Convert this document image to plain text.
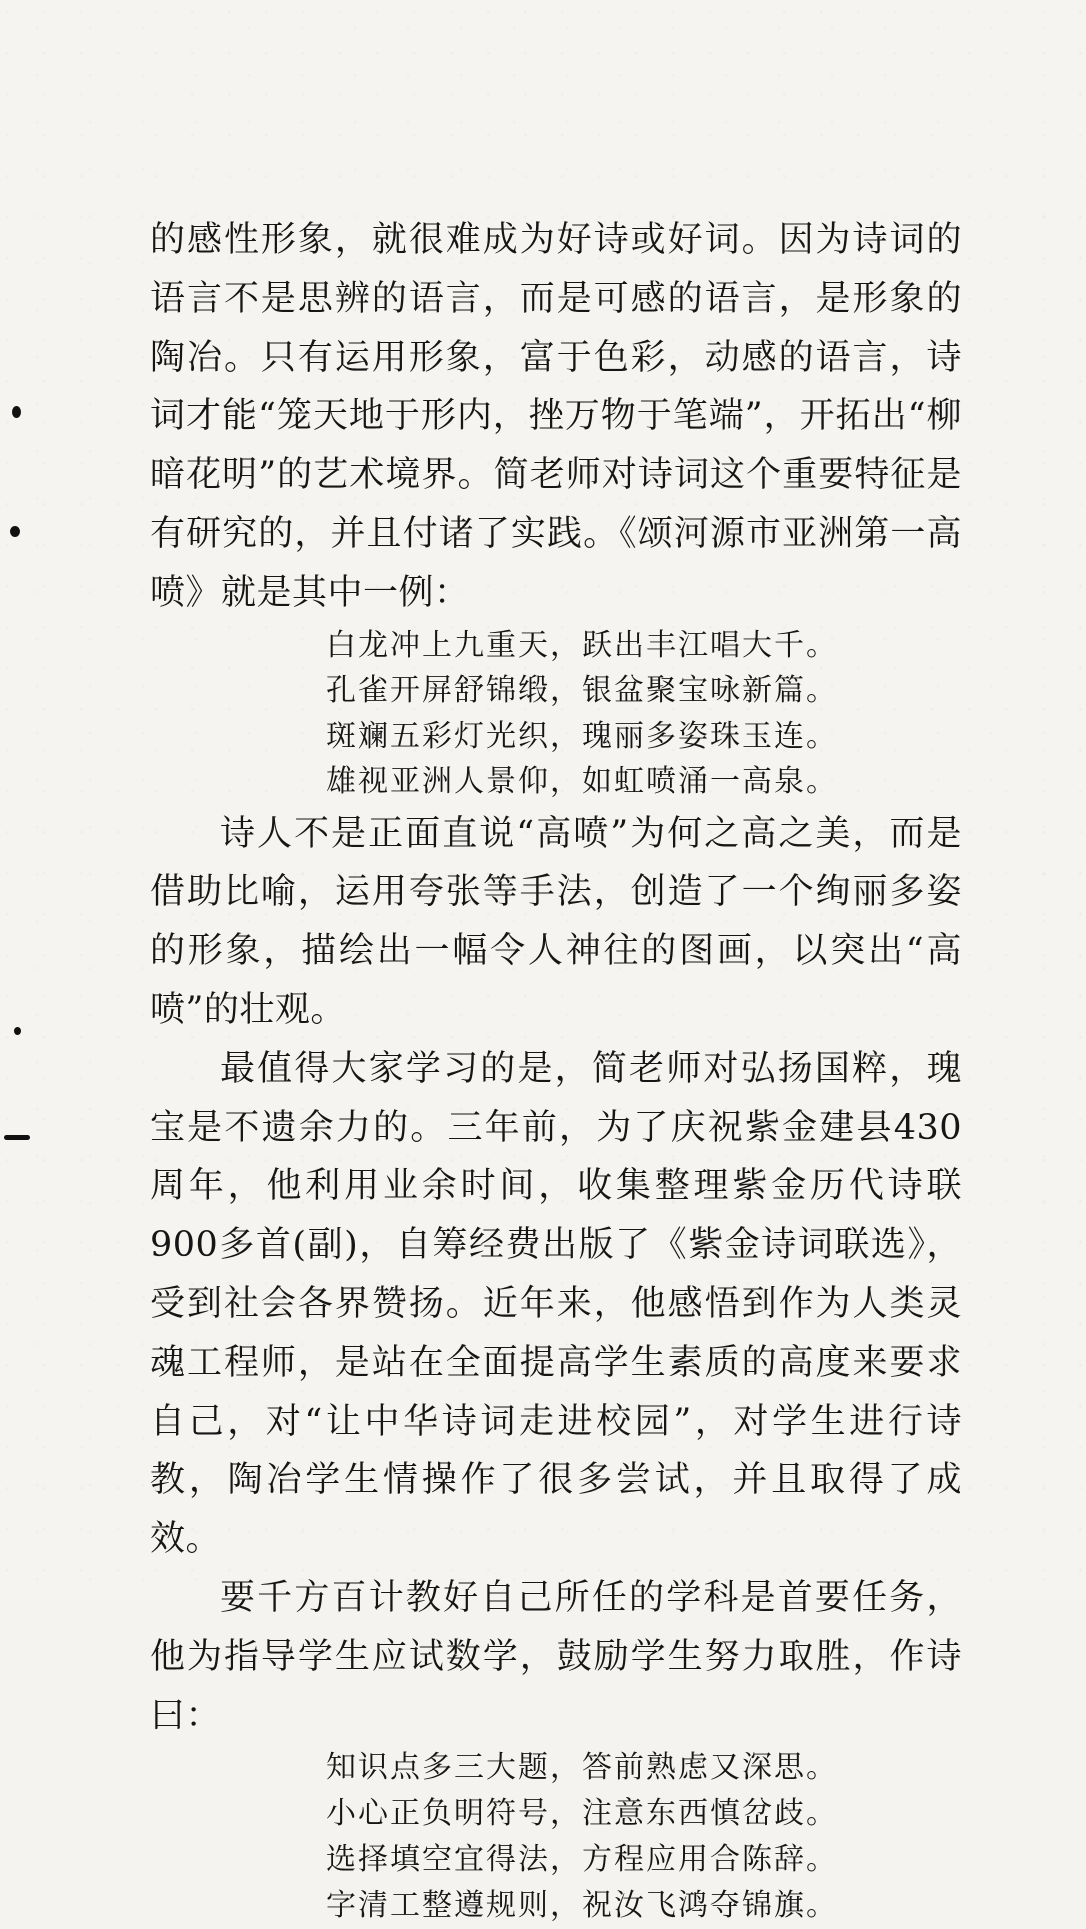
的感性形象，就很难成为好诗或好词。因为诗词的语言不是思辨的语言，而是可感的语言，是形象的陶冶。只有运用形象，富于色彩，动感的语言，诗词才能“笼天地于形内，挫万物于笔端”，开拓出“柳暗花明”的艺术境界。简老师对诗词这个重要特征是有研究的，并且付诸了实践。《颂河源市亚洲第一高喷》就是其中一例：

白龙冲上九重天，跃出丰江唱大千。
孔雀开屏舒锦缎，银盆聚宝咏新篇。
斑斓五彩灯光织，瑰丽多姿珠玉连。
雄视亚洲人景仰，如虹喷涌一高泉。

诗人不是正面直说“高喷”为何之高之美，而是借助比喻，运用夸张等手法，创造了一个绚丽多姿的形象，描绘出一幅令人神往的图画，以突出“高喷”的壮观。

最值得大家学习的是，简老师对弘扬国粹，瑰宝是不遗余力的。三年前，为了庆祝紫金建县430周年，他利用业余时间，收集整理紫金历代诗联900多首(副)，自筹经费出版了《紫金诗词联选》，受到社会各界赞扬。近年来，他感悟到作为人类灵魂工程师，是站在全面提高学生素质的高度来要求自己，对“让中华诗词走进校园”，对学生进行诗教，陶冶学生情操作了很多尝试，并且取得了成效。

要千方百计教好自己所任的学科是首要任务，他为指导学生应试数学，鼓励学生努力取胜，作诗曰：

知识点多三大题，答前熟虑又深思。
小心正负明符号，注意东西慎岔歧。
选择填空宜得法，方程应用合陈辞。
字清工整遵规则，祝汝飞鸿夺锦旗。
